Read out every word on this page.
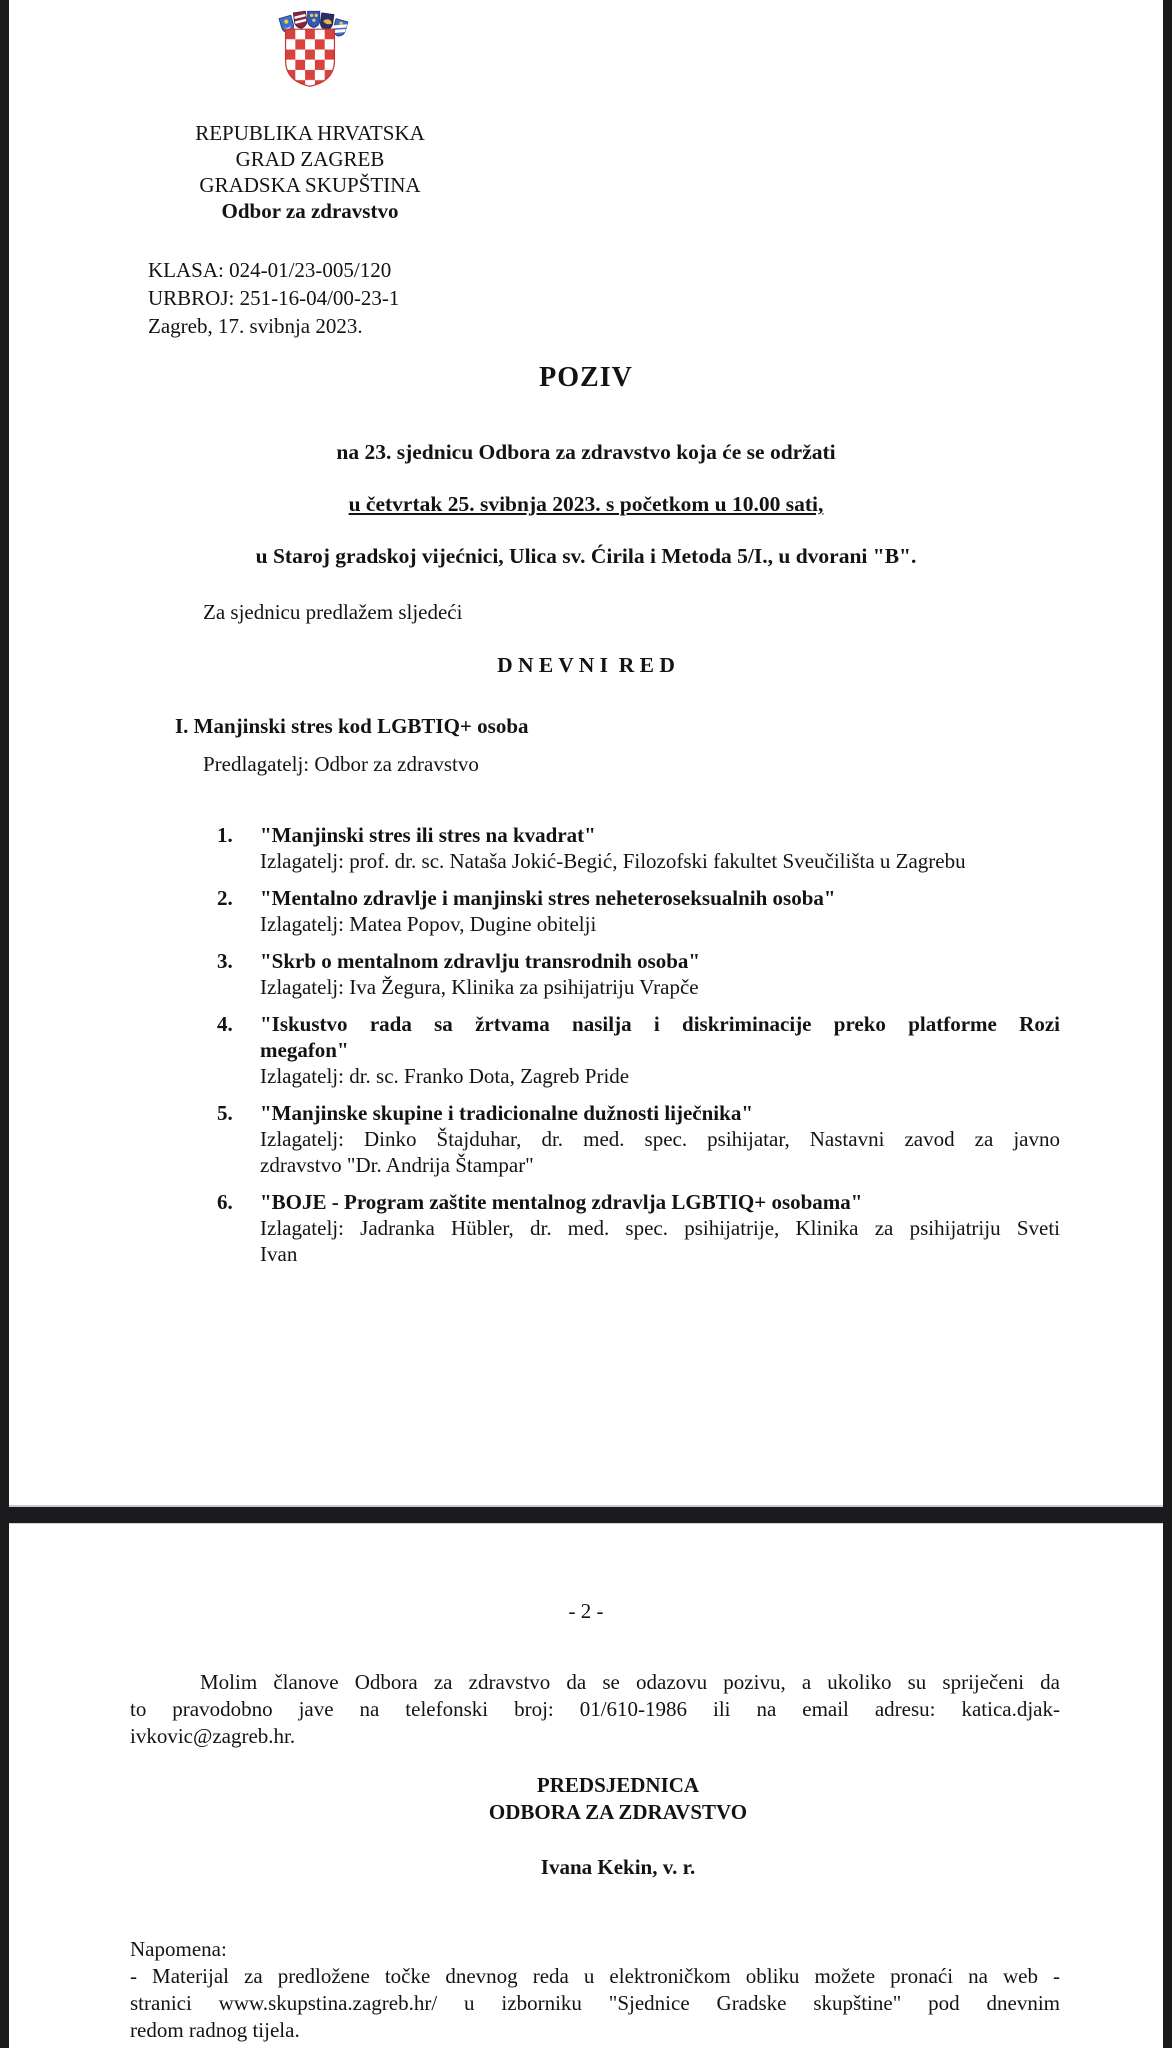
REPUBLIKA HRVATSKA
GRAD ZAGREB
GRADSKA SKUPŠTINA
Odbor za zdravstvo
KLASA: 024-01/23-005/120
URBROJ: 251-16-04/00-23-1
Zagreb, 17. svibnja 2023.
POZIV
na 23. sjednicu Odbora za zdravstvo koja će se održati
u četvrtak 25. svibnja 2023. s početkom u 10.00 sati,
u Staroj gradskoj vijećnici, Ulica sv. Ćirila i Metoda 5/I., u dvorani "B".
Za sjednicu predlažem sljedeći
D N E V N I  R E D
I. Manjinski stres kod LGBTIQ+ osoba
Predlagatelj: Odbor za zdravstvo
1. "Manjinski stres ili stres na kvadrat"
Izlagatelj: prof. dr. sc. Nataša Jokić-Begić, Filozofski fakultet Sveučilišta u Zagrebu
2. "Mentalno zdravlje i manjinski stres neheteroseksualnih osoba"
Izlagatelj: Matea Popov, Dugine obitelji
3. "Skrb o mentalnom zdravlju transrodnih osoba"
Izlagatelj: Iva Žegura, Klinika za psihijatriju Vrapče
4. "Iskustvo rada sa žrtvama nasilja i diskriminacije preko platforme Rozi
megafon"
Izlagatelj: dr. sc. Franko Dota, Zagreb Pride
5. "Manjinske skupine i tradicionalne dužnosti liječnika"
Izlagatelj: Dinko Štajduhar, dr. med. spec. psihijatar, Nastavni zavod za javno
zdravstvo "Dr. Andrija Štampar"
6. "BOJE - Program zaštite mentalnog zdravlja LGBTIQ+ osobama"
Izlagatelj: Jadranka Hübler, dr. med. spec. psihijatrije, Klinika za psihijatriju Sveti
Ivan
- 2 -
Molim članove Odbora za zdravstvo da se odazovu pozivu, a ukoliko su spriječeni da
to pravodobno jave na telefonski broj: 01/610-1986 ili na email adresu: katica.djak-
ivkovic@zagreb.hr.
PREDSJEDNICA
ODBORA ZA ZDRAVSTVO
Ivana Kekin, v. r.
Napomena:
- Materijal za predložene točke dnevnog reda u elektroničkom obliku možete pronaći na web -
stranici www.skupstina.zagreb.hr/ u izborniku "Sjednice Gradske skupštine" pod dnevnim
redom radnog tijela.
